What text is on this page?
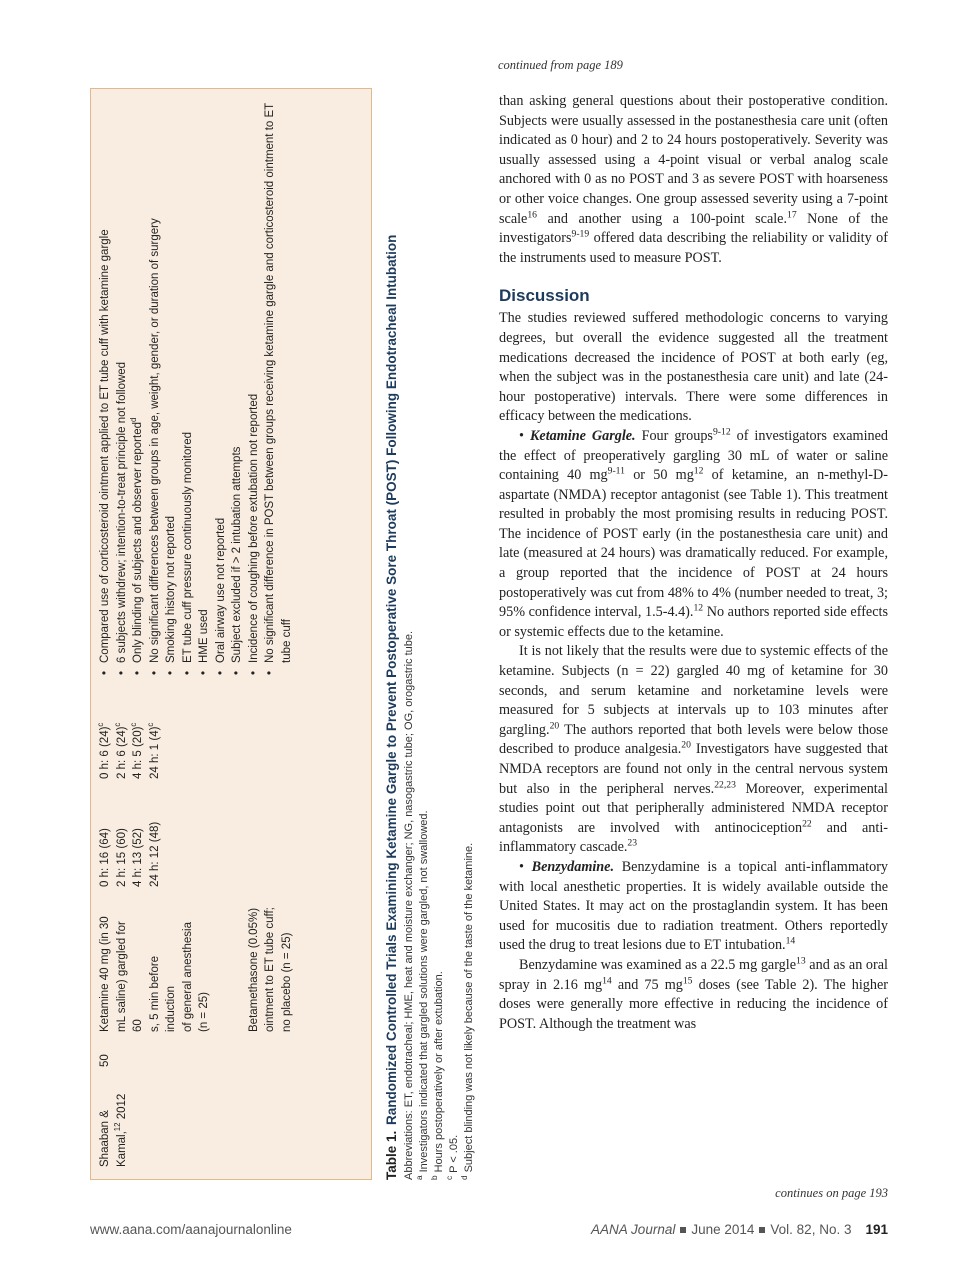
continued from page 189
Shaaban & Kamal,$^{12}$ 2012
50
Ketamine 40 mg (in 30 mL saline) gargled for 60 s, 5 min before induction of general anesthesia (n = 25)	Betamethasone (0.05%) ointment to ET tube cuff; no placebo (n = 25)
0 h: 16 (64) 2 h: 15 (60) 4 h: 13 (52) 24 h: 12 (48)
0 h: 6 $(24)^c$
2 h: 6 $(24)^c$
4 h: 5 $(20)^c$
24 h: 1 $(4)^c$
• Compared use of corticosteroid ointment applied to ET tube cuff with ketamine gargle • 6 subjects withdrew; intention-to-treat principle not followed • Only blinding of subjects and observer reported$^d$ • No significant differences between groups in age, weight, gender, or duration of surgery • Smoking history not reported • ET tube cuff pressure continuously monitored • HME used • Oral airway use not reported • Subject excluded if > 2 intubation attempts • Incidence of coughing before extubation not reported • No significant difference in POST between groups receiving ketamine gargle and corticosteroid ointment to ET tube cuff
Table 1. Randomized Controlled Trials Examining Ketamine Gargle to Prevent Postoperative Sore Throat (POST) Following Endotracheal Intubation Abbreviations: ET, endotracheal; HME, heat and moisture exchanger; NG, nasogastric tube; OG, orogastric tube. $^a$Investigators indicated that gargled solutions were gargled, not swallowed.
$^b$Hours postoperatively or after extubation.
$^c$P < .05.
$^d$Subject blinding was not likely because of the taste of the ketamine.

than asking general questions about their postoperative condition. Subjects were usually assessed in the postanesthesia care unit (often indicated as 0 hour) and 2 to 24 hours postoperatively. Severity was usually assessed using a 4-point visual or verbal analog scale anchored with 0 as no POST and 3 as severe POST with hoarseness or other voice changes. One group assessed severity using a 7-point scale$^{16}$ and another using a 100-point scale.$^{17}$ None of the investigators$^{9-19}$ offered data describing the reliability or validity of the instruments used to measure POST.

Discussion

The studies reviewed suffered methodologic concerns to varying degrees, but overall the evidence suggested all the treatment medications decreased the incidence of POST at both early (eg, when the subject was in the postanesthesia care unit) and late (24-hour postoperative) intervals. There were some differences in efficacy between the medications.

• Ketamine Gargle. Four groups$^{9-12}$ of investigators examined the effect of preoperatively gargling 30 mL of water or saline containing 40 $mg^{9-11}$ or 50 $mg^{12}$ of ketamine, an n-methyl-D-aspartate (NMDA) receptor antagonist (see Table 1). This treatment resulted in probably the most promising results in reducing POST. The incidence of POST early (in the postanesthesia care unit) and late (measured at 24 hours) was dramatically reduced. For example, a group reported that the incidence of POST at 24 hours postoperatively was cut from 48% to 4% (number needed to treat, 3; 95% confidence interval, 1.5-4.4).$^{12}$ No authors reported side effects or systemic effects due to the ketamine.

It is not likely that the results were due to systemic effects of the ketamine. Subjects (n = 22) gargled 40 mg of ketamine for 30 seconds, and serum ketamine and norketamine levels were measured for 5 subjects at intervals up to 103 minutes after gargling.$^{20}$ The authors reported that both levels were below those described to produce analgesia.$^{20}$ Investigators have suggested that NMDA receptors are found not only in the central nervous system but also in the peripheral nerves.$^{22,23}$ Moreover, experimental studies point out that peripherally administered NMDA receptor antagonists are involved with antinociception$^{22}$ and anti-inflammatory cascade.$^{23}$

• Benzydamine. Benzydamine is a topical anti-inflammatory with local anesthetic properties. It is widely available outside the United States. It may act on the prostaglandin system. It has been used for mucositis due to radiation treatment. Others reportedly used the drug to treat lesions due to ET intubation.$^{14}$

Benzydamine was examined as a 22.5 mg gargle$^{13}$ and as an oral spray in 2.16 $mg^{14}$ and 75 $mg^{15}$ doses (see Table 2). The higher doses were generally more effective in reducing the incidence of POST. Although the treatment was

continues on page 193
www.aana.com/aanajournalonline	AANA Journal June 2014 Vol. 82, No. 3 191
